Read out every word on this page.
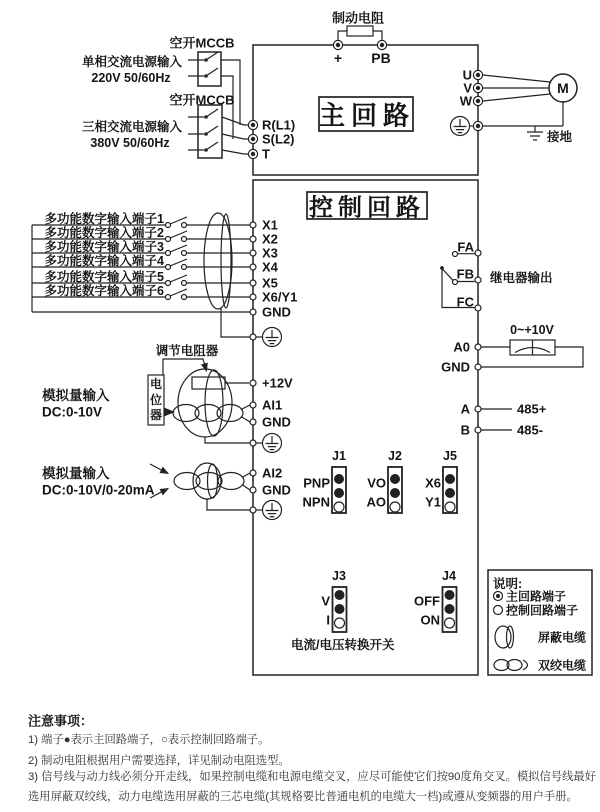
空开MCCB
单相交流电源输入
220V 50/60Hz
空开MCCB
三相交流电源输入
380V 50/60Hz
制动电阻
+ PB
主回路
R(L1)
S(L2)
T
U
V
W
M
接地
控制回路
多功能数字输入端子1
多功能数字输入端子2
多功能数字输入端子3
多功能数字输入端子4
多功能数字输入端子5
多功能数字输入端子6
X1
X2
X3
X4
X5
X6/Y1
GND
调节电阻器
电位器
模拟量输入
DC:0-10V
+12V
AI1
GND
模拟量输入
DC:0-10V/0-20mA
AI2
GND
FA
FB
FC
继电器输出
A0
GND
0~+10V
A
B
485+
485-
J1	J2	J5
PNP
NPN
VO
AO
X6
Y1
J3	J4
V
I
OFF
ON
电流/电压转换开关
说明:
主回路端子
控制回路端子
屏蔽电缆
双绞电缆
注意事项：
1) 端子●表示主回路端子，○表示控制回路端子。
2) 制动电阻根据用户需要选择，详见制动电阻选型。
3) 信号线与动力线必须分开走线，如果控制电缆和电源电缆交叉，应尽可能使它们按90度角交叉。模拟信号线最好选用屏蔽双绞线，动力电缆选用屏蔽的三芯电缆(其规格要比普通电机的电缆大一档)或遵从变频器的用户手册。
